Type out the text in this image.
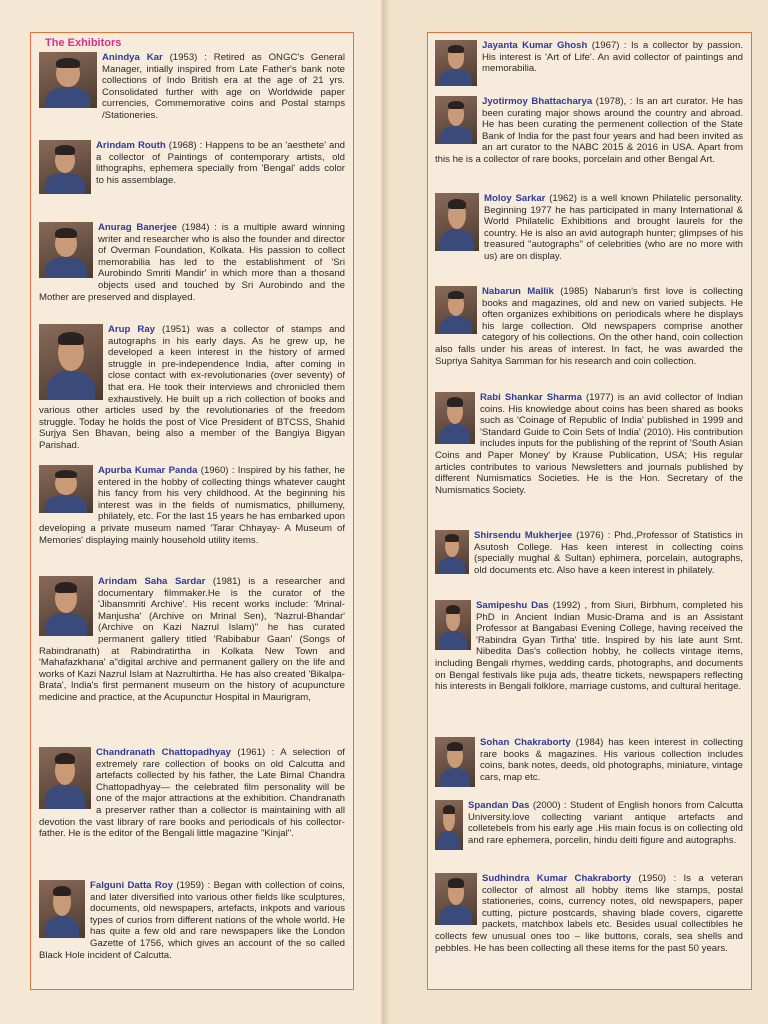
The Exhibitors
Anindya Kar (1953) : Retired as ONGC's General Manager, intially inspired from Late Father's bank note collections of Indo British era at the age of 21 yrs. Consolidated further with age on Worldwide paper currencies, Commemorative coins and Postal stamps /Stationeries.
Arindam Routh (1968) : Happens to be an 'aesthete' and a collector of Paintings of contemporary artists, old lithographs, ephemera specially from 'Bengal' adds color to his assemblage.
Anurag Banerjee (1984) : is a multiple award winning writer and researcher who is also the founder and director of Overman Foundation, Kolkata. His passion to collect memorabilia has led to the establishment of 'Sri Aurobindo Smriti Mandir' in which more than a thosand objects used and touched by Sri Aurobindo and the Mother are preserved and displayed.
Arup Ray (1951) was a collector of stamps and autographs in his early days. As he grew up, he developed a keen interest in the history of armed struggle in pre-independence India, after coming in close contact with ex-revolutionaries (over seventy) of that era. He took their interviews and chronicled them exhaustively. He built up a rich collection of books and various other articles used by the revolutionaries of the freedom struggle. Today he holds the post of Vice President of BTCSS, Shahid Surjya Sen Bhavan, being also a member of the Bangiya Bigyan Parishad.
Apurba Kumar Panda (1960) : Inspired by his father, he entered in the hobby of collecting things whatever caught his fancy from his very childhood. At the beginning his interest was in the fields of numismatics, phillumeny, philately, etc. For the last 15 years he has embarked upon developing a private museum named 'Tarar Chhayay- A Museum of Memories' displaying mainly household utility items.
Arindam Saha Sardar (1981) is a researcher and documentary filmmaker.He is the curator of the 'Jibansmriti Archive'. His recent works include: 'Mrinal-Manjusha' (Archive on Mrinal Sen), 'Nazrul-Bhandar' (Archive on Kazi Nazrul Islam)" he has curated permanent gallery titled 'Rabibabur Gaan' (Songs of Rabindranath) at Rabindratirtha in Kolkata New Town and 'Mahafazkhana' a"digital archive and permanent gallery on the life and works of Kazi Nazrul Islam at Nazrultirtha. He has also created 'Bikalpa-Brata', India's first permanent museum on the history of acupuncture medicine and practice, at the Acupunctur Hospital in Maurigram,
Chandranath Chattopadhyay (1961) : A selection of extremely rare collection of books on old Calcutta and artefacts collected by his father, the Late Bimal Chandra Chattopadhyay— the celebrated film personality will be one of the major attractions at the exhibition. Chandranath a preserver rather than a collector is maintaining with all devotion the vast library of rare books and periodicals of his collector-father. He is the editor of the Bengali little magazine "Kinjal".
Falguni Datta Roy (1959) : Began with collection of coins, and later diversified into various other fields like sculptures, documents, old newspapers, artefacts, inkpots and various types of curios from different nations of the whole world. He has quite a few old and rare newspapers like the London Gazette of 1756, which gives an account of the so called Black Hole incident of Calcutta.
Jayanta Kumar Ghosh (1967) : Is a collector by passion. His interest is 'Art of Life'. An avid collector of paintings and memorabilia.
Jyotirmoy Bhattacharya (1978), : Is an art curator. He has been curating major shows around the country and abroad. He has been curating the permenent collection of the State Bank of India for the past four years and had been invited as an art curator to the NABC 2015 & 2016 in USA. Apart from this he is a collector of rare books, porcelain and other Bengal Art.
Moloy Sarkar (1962) is a well known Philatelic personality. Beginning 1977 he has participated in many International & World Philatelic Exhibitions and brought laurels for the country. He is also an avid autograph hunter; glimpses of his treasured "autographs" of celebrities (who are no more with us) are on display.
Nabarun Mallik (1985) Nabarun's first love is collecting books and magazines, old and new on varied subjects. He often organizes exhibitions on periodicals where he displays his large collection. Old newspapers comprise another category of his collections. On the other hand, coin collection also falls under his areas of interest. In fact, he was awarded the Supriya Sahitya Samman for his research and coin collection.
Rabi Shankar Sharma (1977) is an avid collector of Indian coins. His knowledge about coins has been shared as books such as 'Coinage of Republic of India' published in 1999 and 'Standard Guide to Coin Sets of India' (2010). His contribution includes inputs for the publishing of the reprint of 'South Asian Coins and Paper Money' by Krause Publication, USA; His regular articles contributes to various Newsletters and journals published by different Numismatics Societies. He is the Hon. Secretary of the Numismatics Society.
Shirsendu Mukherjee (1976) : Phd.,Professor of Statistics in Asutosh College. Has keen interest in collecting coins (specially mughal & Sultan) ephimera, porcelain, autographs, old documents etc. Also have a keen interest in philately.
Samipeshu Das (1992) , from Siuri, Birbhum, completed his PhD in Ancient Indian Music-Drama and is an Assistant Professor at Bangabasi Evening College, having received the 'Rabindra Gyan Tirtha' title. Inspired by his late aunt Smt. Nibedita Das's collection hobby, he collects vintage items, including Bengali rhymes, wedding cards, photographs, and documents on Bengal festivals like puja ads, theatre tickets, newspapers reflecting his interests in Bengali folklore, marriage customs, and cultural heritage.
Sohan Chakraborty (1984) has keen interest in collecting rare books & magazines. His various collection includes coins, bank notes, deeds, old photographs, miniature, vintage cars, map etc.
Spandan Das (2000) : Student of English honors from Calcutta University.love collecting variant antique artefacts and colletebels from his early age .His main focus is on collecting old and rare ephemera, porcelin, hindu deiti figure and autographs.
Sudhindra Kumar Chakraborty (1950) : Is a veteran collector of almost all hobby items like stamps, postal stationeries, coins, currency notes, old newspapers, paper cutting, picture postcards, shaving blade covers, cigarette packets, matchbox labels etc. Besides usual collectibles he collects few unusual ones too – like buttons, corals, sea shells and pebbles. He has been collecting all these items for the past 50 years.
